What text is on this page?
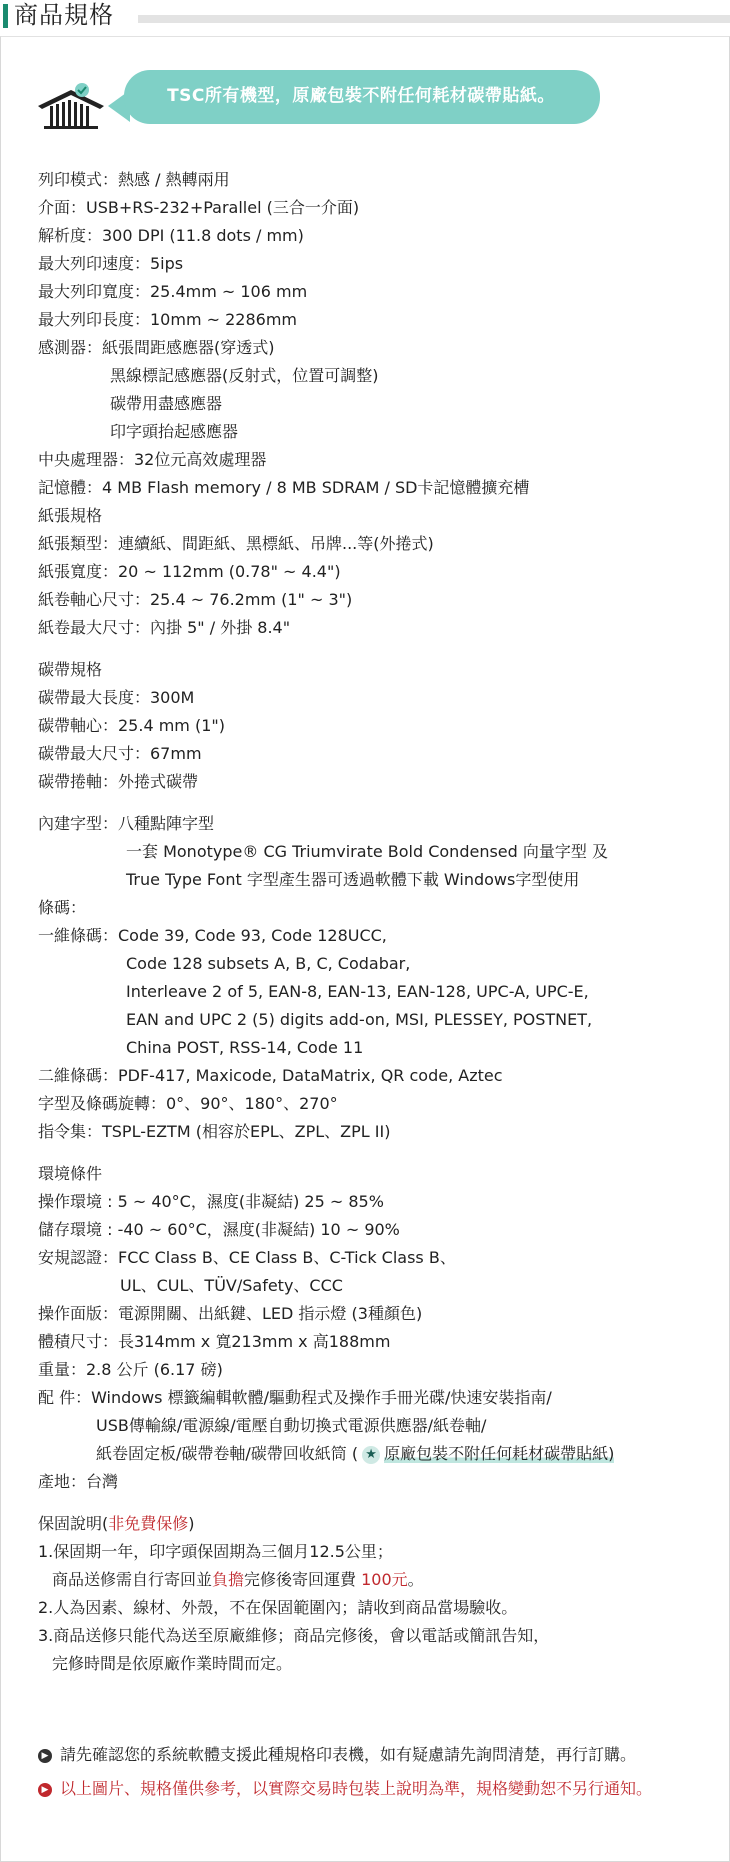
商品規格
TSC所有機型，原廠包裝不附任何耗材碳帶貼紙。
列印模式：熱感 / 熱轉兩用
介面：USB+RS-232+Parallel (三合一介面)
解析度：300 DPI (11.8 dots / mm)
最大列印速度：5ips
最大列印寬度：25.4mm ~ 106 mm
最大列印長度：10mm ~ 2286mm
感測器：紙張間距感應器(穿透式)
黑線標記感應器(反射式，位置可調整)
碳帶用盡感應器
印字頭抬起感應器
中央處理器：32位元高效處理器
記憶體：4 MB Flash memory / 8 MB SDRAM / SD卡記憶體擴充槽
紙張規格
紙張類型：連續紙、間距紙、黑標紙、吊牌...等(外捲式)
紙張寬度：20 ~ 112mm (0.78" ~ 4.4")
紙卷軸心尺寸：25.4 ~ 76.2mm (1" ~ 3")
紙卷最大尺寸：內掛 5" / 外掛 8.4"
碳帶規格
碳帶最大長度：300M
碳帶軸心：25.4 mm (1")
碳帶最大尺寸：67mm
碳帶捲軸：外捲式碳帶
內建字型：八種點陣字型
一套 Monotype® CG Triumvirate Bold Condensed 向量字型 及
True Type Font 字型產生器可透過軟體下載 Windows字型使用
條碼：
一維條碼：Code 39, Code 93, Code 128UCC,
Code 128 subsets A, B, C, Codabar,
Interleave 2 of 5, EAN-8, EAN-13, EAN-128, UPC-A, UPC-E,
EAN and UPC 2 (5) digits add-on, MSI, PLESSEY, POSTNET,
China POST, RSS-14, Code 11
二維條碼：PDF-417, Maxicode, DataMatrix, QR code, Aztec
字型及條碼旋轉：0°、90°、180°、270°
指令集：TSPL-EZTM (相容於EPL、ZPL、ZPL II)
環境條件
操作環境 : 5 ~ 40°C，濕度(非凝結) 25 ~ 85%
儲存環境 : -40 ~ 60°C，濕度(非凝結) 10 ~ 90%
安規認證：FCC Class B、CE Class B、C-Tick Class B、
UL、CUL、TÜV/Safety、CCC
操作面版：電源開關、出紙鍵、LED 指示燈 (3種顏色)
體積尺寸：長314mm x 寬213mm x 高188mm
重量：2.8 公斤 (6.17 磅)
配 件：Windows 標籤編輯軟體/驅動程式及操作手冊光碟/快速安裝指南/
USB傳輸線/電源線/電壓自動切換式電源供應器/紙卷軸/
紙卷固定板/碳帶卷軸/碳帶回收紙筒 ( ★ 原廠包裝不附任何耗材碳帶貼紙)
產地：台灣
保固說明(非免費保修)
1.保固期一年，印字頭保固期為三個月12.5公里；
商品送修需自行寄回並負擔完修後寄回運費 100元。
2.人為因素、線材、外殼，不在保固範圍內；請收到商品當場驗收。
3.商品送修只能代為送至原廠維修；商品完修後，會以電話或簡訊告知，
完修時間是依原廠作業時間而定。
▶ 請先確認您的系統軟體支援此種規格印表機，如有疑慮請先詢問清楚，再行訂購。
▶ 以上圖片、規格僅供參考，以實際交易時包裝上說明為準，規格變動恕不另行通知。
